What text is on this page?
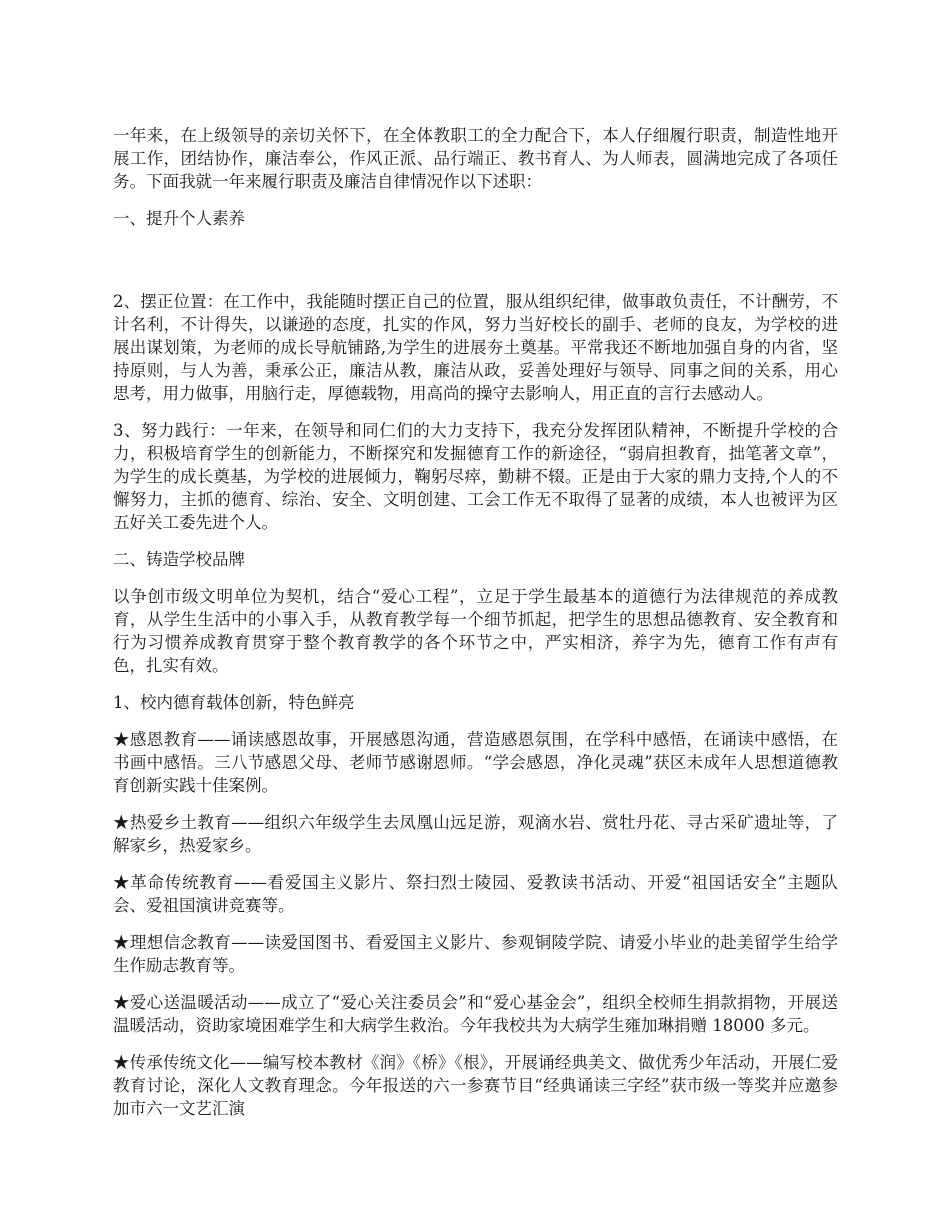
一年来，在上级领导的亲切关怀下，在全体教职工的全力配合下，本人仔细履行职责，制造性地开展工作，团结协作，廉洁奉公，作风正派、品行端正、教书育人、为人师表，圆满地完成了各项任务。下面我就一年来履行职责及廉洁自律情况作以下述职：

一、提升个人素养

2、摆正位置：在工作中，我能随时摆正自己的位置，服从组织纪律，做事敢负责任，不计酬劳，不计名利，不计得失，以谦逊的态度，扎实的作风，努力当好校长的副手、老师的良友，为学校的进展出谋划策，为老师的成长导航铺路,为学生的进展夯土奠基。平常我还不断地加强自身的内省，坚持原则，与人为善，秉承公正，廉洁从教，廉洁从政，妥善处理好与领导、同事之间的关系，用心思考，用力做事，用脑行走，厚德载物，用高尚的操守去影响人，用正直的言行去感动人。

3、努力践行：一年来，在领导和同仁们的大力支持下，我充分发挥团队精神，不断提升学校的合力，积极培育学生的创新能力，不断探究和发掘德育工作的新途径，“弱肩担教育，拙笔著文章”，为学生的成长奠基，为学校的进展倾力，鞠躬尽瘁，勤耕不辍。正是由于大家的鼎力支持,个人的不懈努力，主抓的德育、综治、安全、文明创建、工会工作无不取得了显著的成绩，本人也被评为区五好关工委先进个人。

二、铸造学校品牌

以争创市级文明单位为契机，结合“爱心工程”，立足于学生最基本的道德行为法律规范的养成教育，从学生生活中的小事入手，从教育教学每一个细节抓起，把学生的思想品德教育、安全教育和行为习惯养成教育贯穿于整个教育教学的各个环节之中，严实相济，养字为先，德育工作有声有色，扎实有效。

1、校内德育载体创新，特色鲜亮

★感恩教育——诵读感恩故事，开展感恩沟通，营造感恩氛围，在学科中感悟，在诵读中感悟，在书画中感悟。三八节感恩父母、老师节感谢恩师。“学会感恩，净化灵魂”获区未成年人思想道德教育创新实践十佳案例。

★热爱乡土教育——组织六年级学生去凤凰山远足游，观滴水岩、赏牡丹花、寻古采矿遗址等，了解家乡，热爱家乡。

★革命传统教育——看爱国主义影片、祭扫烈士陵园、爱教读书活动、开爱“祖国话安全”主题队会、爱祖国演讲竞赛等。

★理想信念教育——读爱国图书、看爱国主义影片、参观铜陵学院、请爱小毕业的赴美留学生给学生作励志教育等。

★爱心送温暖活动——成立了“爱心关注委员会”和“爱心基金会”，组织全校师生捐款捐物，开展送温暖活动，资助家境困难学生和大病学生救治。今年我校共为大病学生雍加琳捐赠 18000 多元。

★传承传统文化——编写校本教材《润》《桥》《根》，开展诵经典美文、做优秀少年活动，开展仁爱教育讨论，深化人文教育理念。今年报送的六一参赛节目“经典诵读三字经”获市级一等奖并应邀参加市六一文艺汇演
